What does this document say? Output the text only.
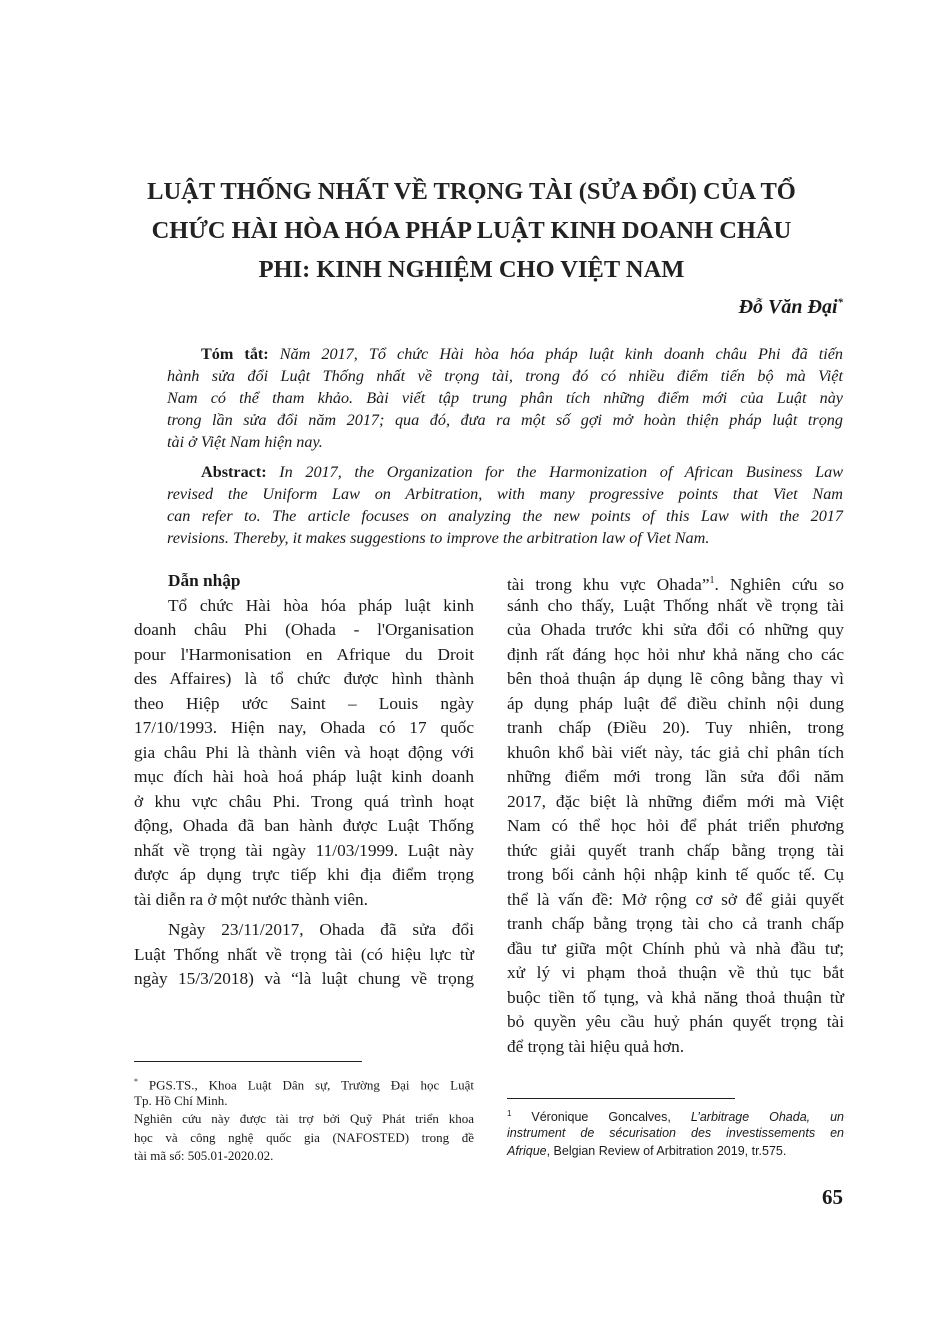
LUẬT THỐNG NHẤT VỀ TRỌNG TÀI (SỬA ĐỔI) CỦA TỔ
CHỨC HÀI HÒA HÓA PHÁP LUẬT KINH DOANH CHÂU
PHI: KINH NGHIỆM CHO VIỆT NAM
Đỗ Văn Đại*
Tóm tắt: Năm 2017, Tổ chức Hài hòa hóa pháp luật kinh doanh châu Phi đã tiến
hành sửa đổi Luật Thống nhất về trọng tài, trong đó có nhiều điểm tiến bộ mà Việt
Nam có thể tham khảo. Bài viết tập trung phân tích những điểm mới của Luật này
trong lần sửa đổi năm 2017; qua đó, đưa ra một số gợi mở hoàn thiện pháp luật trọng
tài ở Việt Nam hiện nay.
Abstract: In 2017, the Organization for the Harmonization of African Business Law
revised the Uniform Law on Arbitration, with many progressive points that Viet Nam
can refer to. The article focuses on analyzing the new points of this Law with the 2017
revisions. Thereby, it makes suggestions to improve the arbitration law of Viet Nam.
Dẫn nhập
Tổ chức Hài hòa hóa pháp luật kinh
doanh châu Phi (Ohada - l'Organisation
pour l'Harmonisation en Afrique du Droit
des Affaires) là tổ chức được hình thành
theo Hiệp ước Saint – Louis ngày
17/10/1993. Hiện nay, Ohada có 17 quốc
gia châu Phi là thành viên và hoạt động với
mục đích hài hoà hoá pháp luật kinh doanh
ở khu vực châu Phi. Trong quá trình hoạt
động, Ohada đã ban hành được Luật Thống
nhất về trọng tài ngày 11/03/1999. Luật này
được áp dụng trực tiếp khi địa điểm trọng
tài diễn ra ở một nước thành viên.
Ngày 23/11/2017, Ohada đã sửa đổi
Luật Thống nhất về trọng tài (có hiệu lực từ
ngày 15/3/2018) và “là luật chung về trọng
tài trong khu vực Ohada”$^1$. Nghiên cứu so
sánh cho thấy, Luật Thống nhất về trọng tài
của Ohada trước khi sửa đổi có những quy
định rất đáng học hỏi như khả năng cho các
bên thoả thuận áp dụng lẽ công bằng thay vì
áp dụng pháp luật để điều chỉnh nội dung
tranh chấp (Điều 20). Tuy nhiên, trong
khuôn khổ bài viết này, tác giả chỉ phân tích
những điểm mới trong lần sửa đổi năm
2017, đặc biệt là những điểm mới mà Việt
Nam có thể học hỏi để phát triển phương
thức giải quyết tranh chấp bằng trọng tài
trong bối cảnh hội nhập kinh tế quốc tế. Cụ
thể là vấn đề: Mở rộng cơ sở để giải quyết
tranh chấp bằng trọng tài cho cả tranh chấp
đầu tư giữa một Chính phủ và nhà đầu tư;
xử lý vi phạm thoả thuận về thủ tục bắt
buộc tiền tố tụng, và khả năng thoả thuận từ
bỏ quyền yêu cầu huỷ phán quyết trọng tài
để trọng tài hiệu quả hơn.
* PGS.TS., Khoa Luật Dân sự, Trường Đại học Luật
Tp. Hồ Chí Minh.
Nghiên cứu này được tài trợ bởi Quỹ Phát triển khoa
học và công nghệ quốc gia (NAFOSTED) trong đề
tài mã số: 505.01-2020.02.
$^1$ Véronique Goncalves, L’arbitrage Ohada, un
instrument de sécurisation des investissements en
Afrique, Belgian Review of Arbitration 2019, tr.575.
65
